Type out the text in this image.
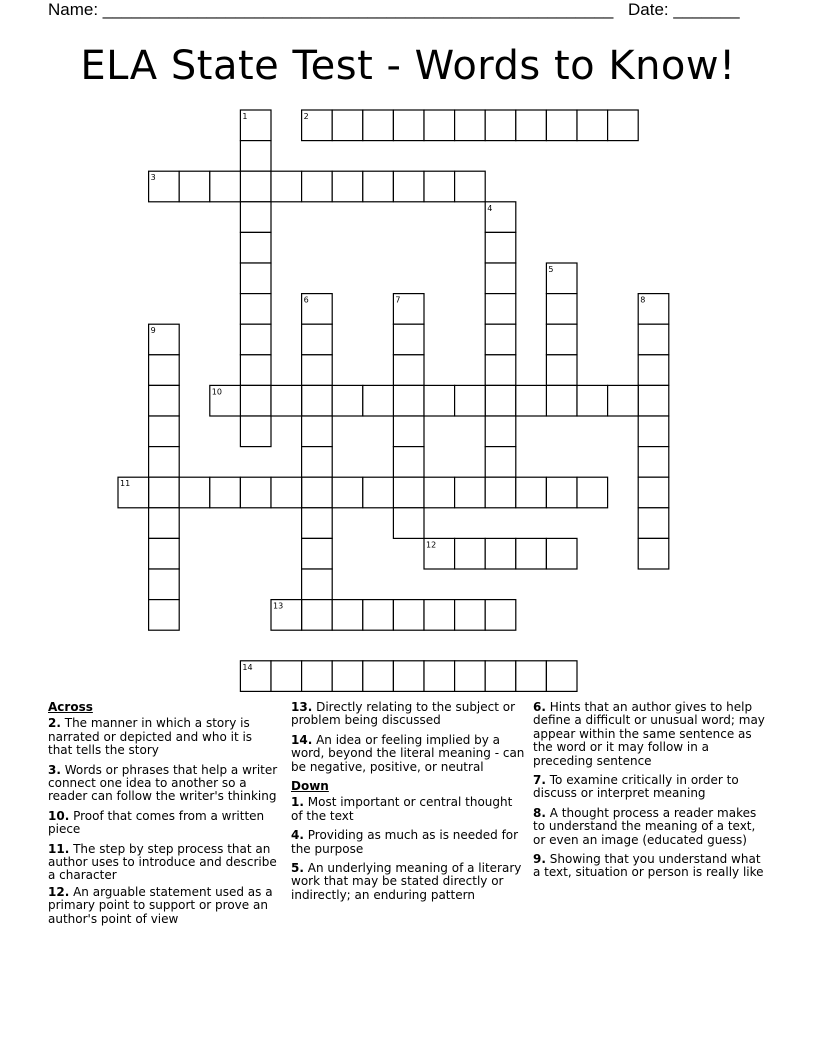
Name: ______________________________________________________ Date: _______
ELA State Test - Words to Know!
1	2
3
4
5
6	7	8
9
10
11
12
13
14
Across
2. The manner in which a story is narrated or depicted and who it is that tells the story
3. Words or phrases that help a writer connect one idea to another so a reader can follow the writer's thinking
10. Proof that comes from a written piece
11. The step by step process that an author uses to introduce and describe a character
12. An arguable statement used as a primary point to support or prove an author's point of view
13. Directly relating to the subject or problem being discussed
14. An idea or feeling implied by a word, beyond the literal meaning - can be negative, positive, or neutral
Down
1. Most important or central thought of the text
4. Providing as much as is needed for the purpose
5. An underlying meaning of a literary work that may be stated directly or indirectly; an enduring pattern
6. Hints that an author gives to help define a difficult or unusual word; may appear within the same sentence as the word or it may follow in a preceding sentence
7. To examine critically in order to discuss or interpret meaning
8. A thought process a reader makes to understand the meaning of a text, or even an image (educated guess)
9. Showing that you understand what a text, situation or person is really like
